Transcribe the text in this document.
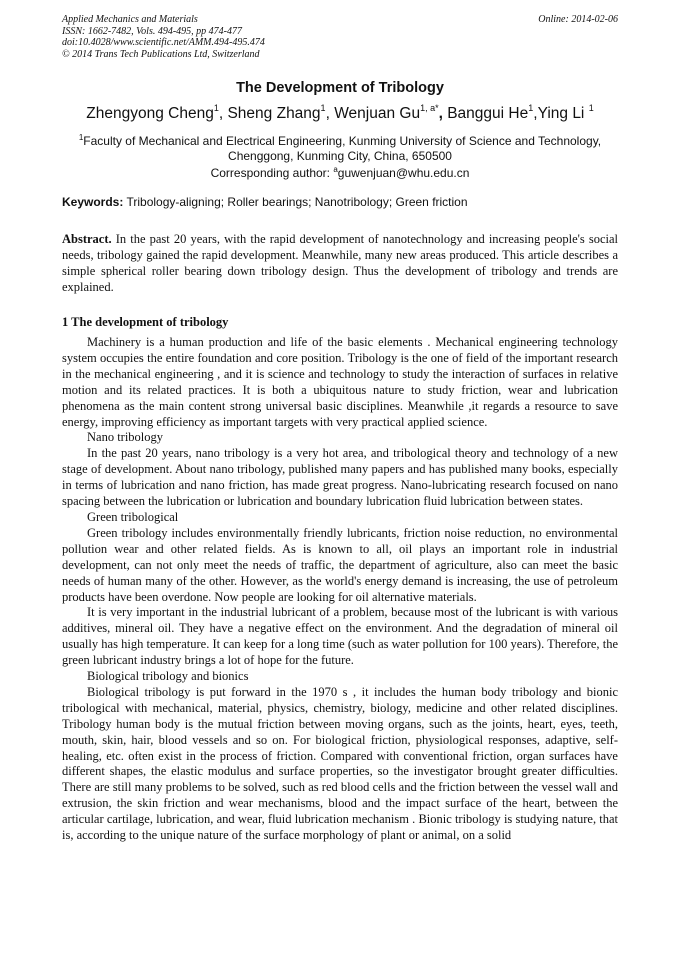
Applied Mechanics and Materials
ISSN: 1662-7482, Vols. 494-495, pp 474-477
doi:10.4028/www.scientific.net/AMM.494-495.474
© 2014 Trans Tech Publications Ltd, Switzerland
Online: 2014-02-06
The Development of Tribology
Zhengyong Cheng$^1$, Sheng Zhang$^1$, Wenjuan $Gu^{1, a*}$, Banggui He$^1$,Ying Li $^1$
$^1$Faculty of Mechanical and Electrical Engineering, Kunming University of Science and Technology,
Chenggong, Kunming City, China, 650500
Corresponding author: $^a$guwenjuan@whu.edu.cn
Keywords: Tribology-aligning; Roller bearings; Nanotribology; Green friction
Abstract. In the past 20 years, with the rapid development of nanotechnology and increasing people's social needs, tribology gained the rapid development. Meanwhile, many new areas produced. This article describes a simple spherical roller bearing down tribology design. Thus the development of tribology and trends are explained.
1 The development of tribology

Machinery is a human production and life of the basic elements . Mechanical engineering technology system occupies the entire foundation and core position. Tribology is the one of field of the important research in the mechanical engineering , and it is science and technology to study the interaction of surfaces in relative motion and its related practices. It is both a ubiquitous nature to study friction, wear and lubrication phenomena as the main content strong universal basic disciplines. Meanwhile ,it regards a resource to save energy, improving efficiency as important targets with very practical applied science.

Nano tribology

In the past 20 years, nano tribology is a very hot area, and tribological theory and technology of a new stage of development. About nano tribology, published many papers and has published many books, especially in terms of lubrication and nano friction, has made great progress. Nano-lubricating research focused on nano spacing between the lubrication or lubrication and boundary lubrication fluid lubrication between states.

Green tribological

Green tribology includes environmentally friendly lubricants, friction noise reduction, no environmental pollution wear and other related fields. As is known to all, oil plays an important role in industrial development, can not only meet the needs of traffic, the department of agriculture, also can meet the basic needs of human many of the other. However, as the world's energy demand is increasing, the use of petroleum products have been overdone. Now people are looking for oil alternative materials.

It is very important in the industrial lubricant of a problem, because most of the lubricant is with various additives, mineral oil. They have a negative effect on the environment. And the degradation of mineral oil usually has high temperature. It can keep for a long time (such as water pollution for 100 years). Therefore, the green lubricant industry brings a lot of hope for the future.

Biological tribology and bionics

Biological tribology is put forward in the 1970 s , it includes the human body tribology and bionic tribological with mechanical, material, physics, chemistry, biology, medicine and other related disciplines. Tribology human body is the mutual friction between moving organs, such as the joints, heart, eyes, teeth, mouth, skin, hair, blood vessels and so on. For biological friction, physiological responses, adaptive, self-healing, etc. often exist in the process of friction. Compared with conventional friction, organ surfaces have different shapes, the elastic modulus and surface properties, so the investigator brought greater difficulties. There are still many problems to be solved, such as red blood cells and the friction between the vessel wall and extrusion, the skin friction and wear mechanisms, blood and the impact surface of the heart, between the articular cartilage, lubrication, and wear, fluid lubrication mechanism . Bionic tribology is studying nature, that is, according to the unique nature of the surface morphology of plant or animal, on a solid
